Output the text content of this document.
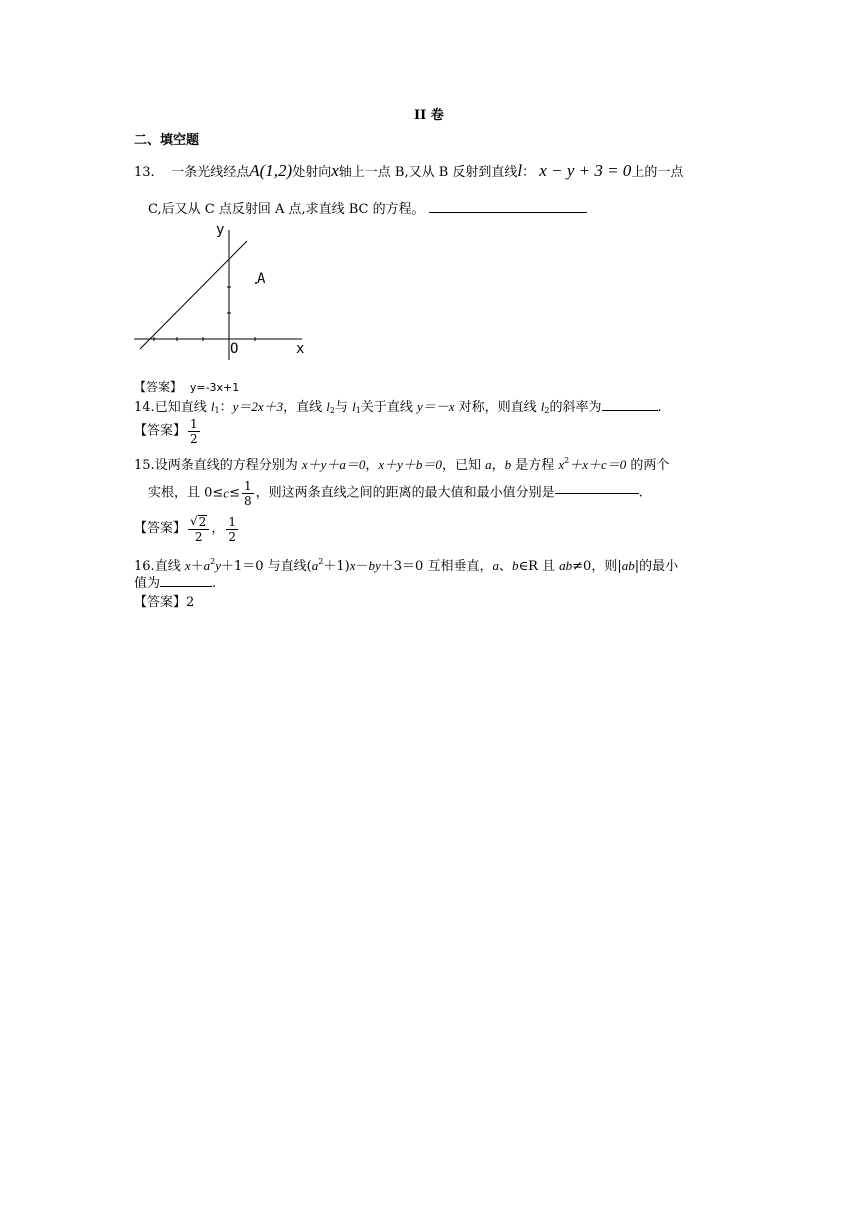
II 卷
二、填空题
13. 一条光线经点A(1,2)处射向x轴上一点 B,又从 B 反射到直线l： x − y + 3 = 0上的一点
C,后又从 C 点反射回 A 点,求直线 BC 的方程。
y
x
O
A
【答案】 y=-3x+1
14.已知直线 $l_1$：y＝2x＋3，直线 $l_2$与 $l_1$关于直线 y＝－x 对称，则直线 $l_2$的斜率为	.
【答案】 $\frac{1}{2}$
15.设两条直线的方程分别为 x＋y＋a＝0，x＋y＋b＝0，已知 a，b 是方程 $x^2+x+c=0$ 的两个
实根，且 $0\le c\le \frac{1}{8}$ ，则这两条直线之间的距离的最大值和最小值分别是	.
【答案】 $\frac{√ 2}{2}$ ， $\frac{1}{2}$
16.直线 $x+a^2y+1=0$ 与直线$(a^2+1)x-by+3=0$ 互相垂直，a、b∈R 且 ab≠0，则|ab|的最小
值为	.
【答案】2
